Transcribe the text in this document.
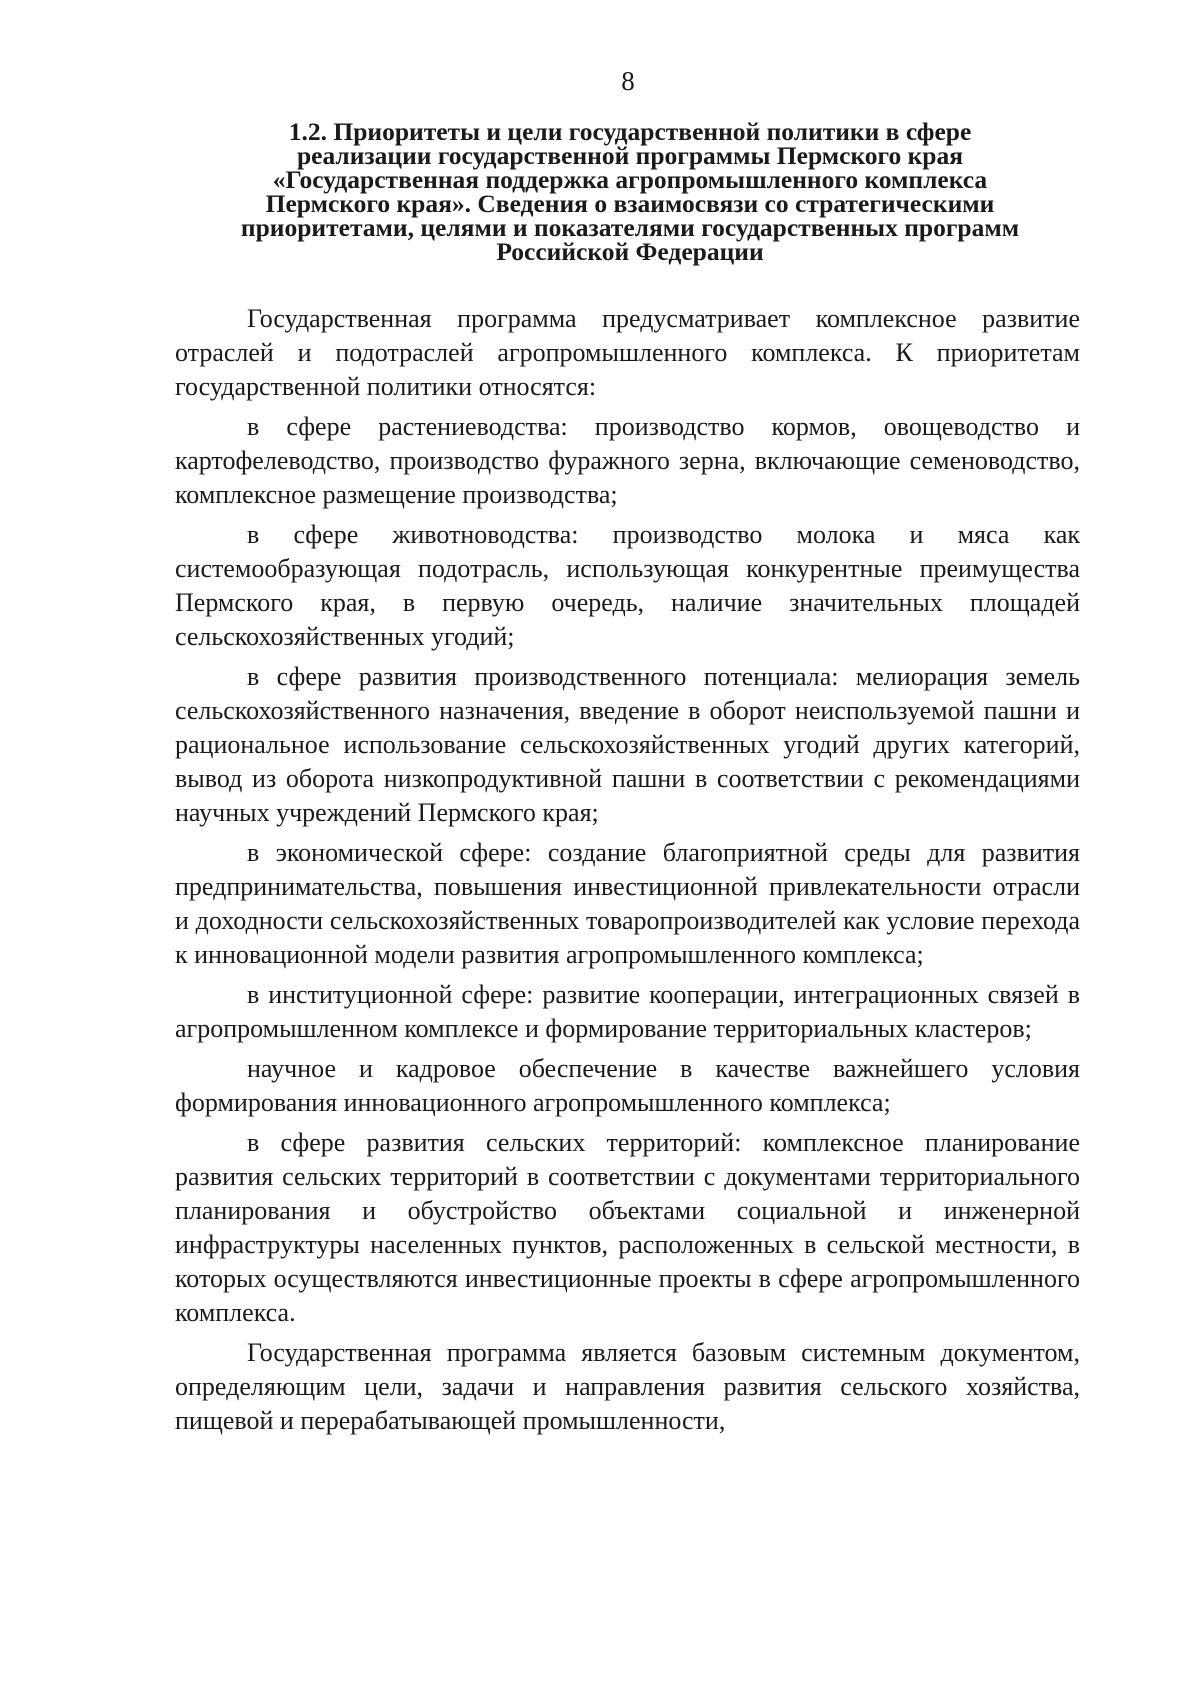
8
1.2. Приоритеты и цели государственной политики в сфере
реализации государственной программы Пермского края
«Государственная поддержка агропромышленного комплекса
Пермского края». Сведения о взаимосвязи со стратегическими
приоритетами, целями и показателями государственных программ
Российской Федерации

Государственная программа предусматривает комплексное развитие отраслей и подотраслей агропромышленного комплекса. К приоритетам государственной политики относятся:

в сфере растениеводства: производство кормов, овощеводство и картофелеводство, производство фуражного зерна, включающие семеноводство, комплексное размещение производства;

в сфере животноводства: производство молока и мяса как системообразующая подотрасль, использующая конкурентные преимущества Пермского края, в первую очередь, наличие значительных площадей сельскохозяйственных угодий;

в сфере развития производственного потенциала: мелиорация земель сельскохозяйственного назначения, введение в оборот неиспользуемой пашни и рациональное использование сельскохозяйственных угодий других категорий, вывод из оборота низкопродуктивной пашни в соответствии с рекомендациями научных учреждений Пермского края;

в экономической сфере: создание благоприятной среды для развития предпринимательства, повышения инвестиционной привлекательности отрасли и доходности сельскохозяйственных товаропроизводителей как условие перехода к инновационной модели развития агропромышленного комплекса;

в институционной сфере: развитие кооперации, интеграционных связей в агропромышленном комплексе и формирование территориальных кластеров;

научное и кадровое обеспечение в качестве важнейшего условия формирования инновационного агропромышленного комплекса;

в сфере развития сельских территорий: комплексное планирование развития сельских территорий в соответствии с документами территориального планирования и обустройство объектами социальной и инженерной инфраструктуры населенных пунктов, расположенных в сельской местности, в которых осуществляются инвестиционные проекты в сфере агропромышленного комплекса.

Государственная программа является базовым системным документом, определяющим цели, задачи и направления развития сельского хозяйства, пищевой и перерабатывающей промышленности,
